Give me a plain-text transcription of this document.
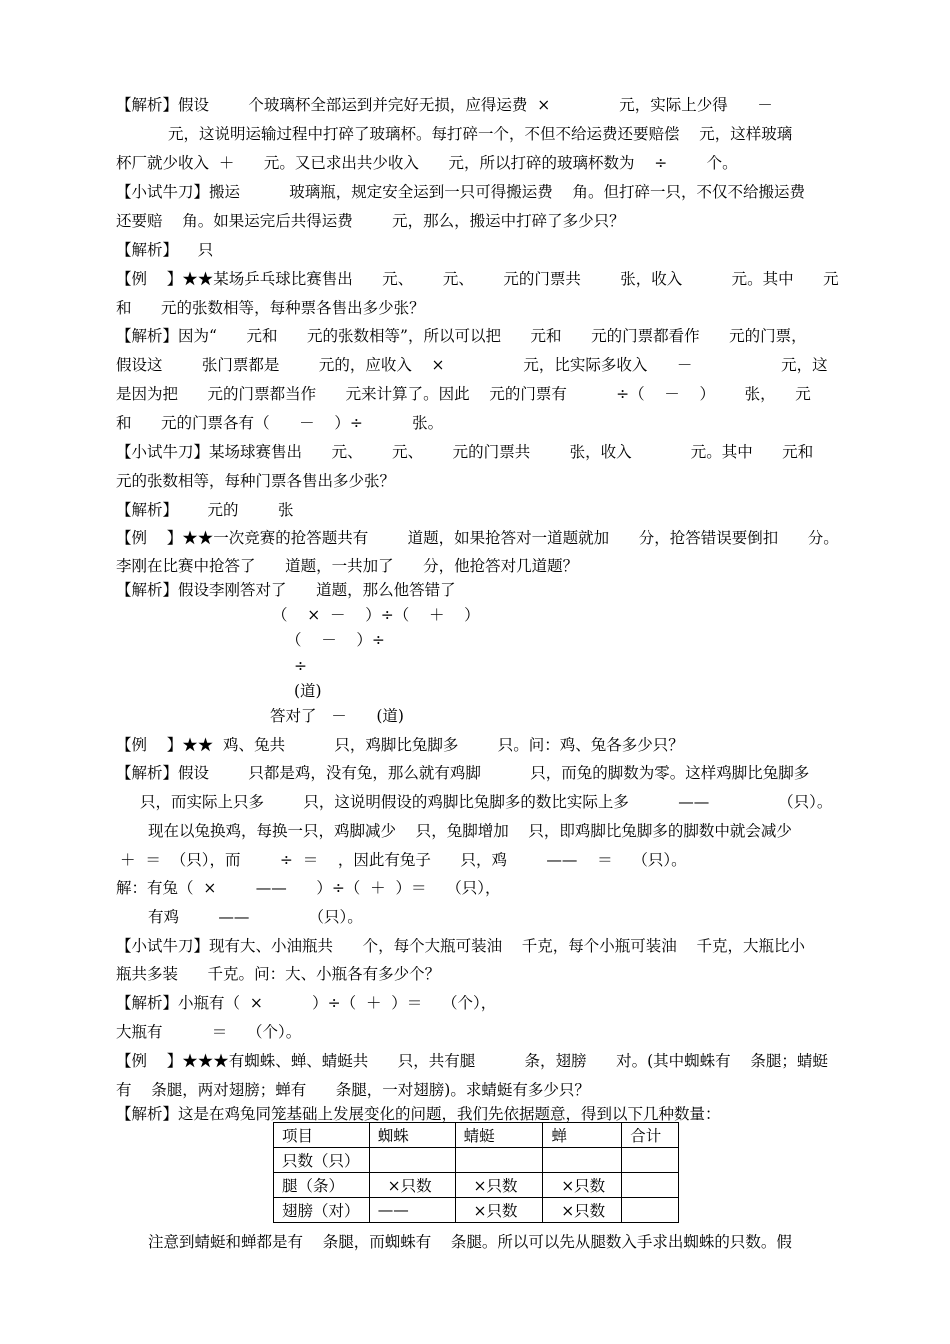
【解析】假设        个玻璃杯全部运到并完好无损，应得运费  ×              元，实际上少得      －
元，这说明运输过程中打碎了玻璃杯。每打碎一个，不但不给运费还要赔偿    元，这样玻璃
杯厂就少收入  ＋      元。又已求出共少收入      元，所以打碎的玻璃杯数为    ÷        个。
【小试牛刀】搬运          玻璃瓶，规定安全运到一只可得搬运费    角。但打碎一只，不仅不给搬运费
还要赔    角。如果运完后共得运费        元，那么，搬运中打碎了多少只？
【解析】    只
【例    】★★某场乒乓球比赛售出      元、      元、      元的门票共        张，收入          元。其中      元
和      元的张数相等，每种票各售出多少张？
【解析】因为“      元和      元的张数相等”，所以可以把      元和      元的门票都看作      元的门票，
假设这        张门票都是        元的，应收入    ×                元，比实际多收入      －                  元，这
是因为把      元的门票都当作      元来计算了。因此    元的门票有          ÷（    －    ）      张，    元
和      元的门票各有（      －    ）÷          张。
【小试牛刀】某场球赛售出      元、      元、      元的门票共        张，收入            元。其中      元和
元的张数相等，每种门票各售出多少张？
【解析】      元的        张
【例    】★★一次竞赛的抢答题共有        道题，如果抢答对一道题就加      分，抢答错误要倒扣      分。
李刚在比赛中抢答了      道题，一共加了      分，他抢答对几道题？
【解析】假设李刚答对了      道题，那么他答错了
（    ×  －    ）÷（    ＋    ）
（    －    ）÷
÷
(道)
答对了   －      (道)
【例    】★★  鸡、兔共          只，鸡脚比兔脚多        只。问：鸡、兔各多少只？
【解析】假设        只都是鸡，没有兔，那么就有鸡脚          只，而兔的脚数为零。这样鸡脚比兔脚多
只，而实际上只多        只，这说明假设的鸡脚比兔脚多的数比实际上多          ——              （只）。
现在以兔换鸡，每换一只，鸡脚减少    只，兔脚增加    只，即鸡脚比兔脚多的脚数中就会减少
＋  ＝  （只），而        ÷  ＝    ，因此有兔子      只，鸡        ——    ＝    （只）。
解：有兔（  ×        ——      ）÷（  ＋  ）＝    （只），
有鸡        ——            （只）。
【小试牛刀】现有大、小油瓶共      个，每个大瓶可装油    千克，每个小瓶可装油    千克，大瓶比小
瓶共多装      千克。问：大、小瓶各有多少个？
【解析】小瓶有（  ×          ）÷（  ＋  ）＝    （个），
大瓶有          ＝    （个）。
【例    】★★★有蜘蛛、蝉、蜻蜓共      只，共有腿          条，翅膀      对。(其中蜘蛛有    条腿；蜻蜓
有    条腿，两对翅膀；蝉有      条腿，一对翅膀)。求蜻蜓有多少只？
【解析】这是在鸡兔同笼基础上发展变化的问题，我们先依据题意，得到以下几种数量：
注意到蜻蜓和蝉都是有    条腿，而蜘蛛有    条腿。所以可以先从腿数入手求出蜘蛛的只数。假
项目	蜘蛛	蜻蜓	蝉	合计
只数（只）				
腿（条）	×只数	×只数	×只数	
翅膀（对）	——	×只数	×只数	
